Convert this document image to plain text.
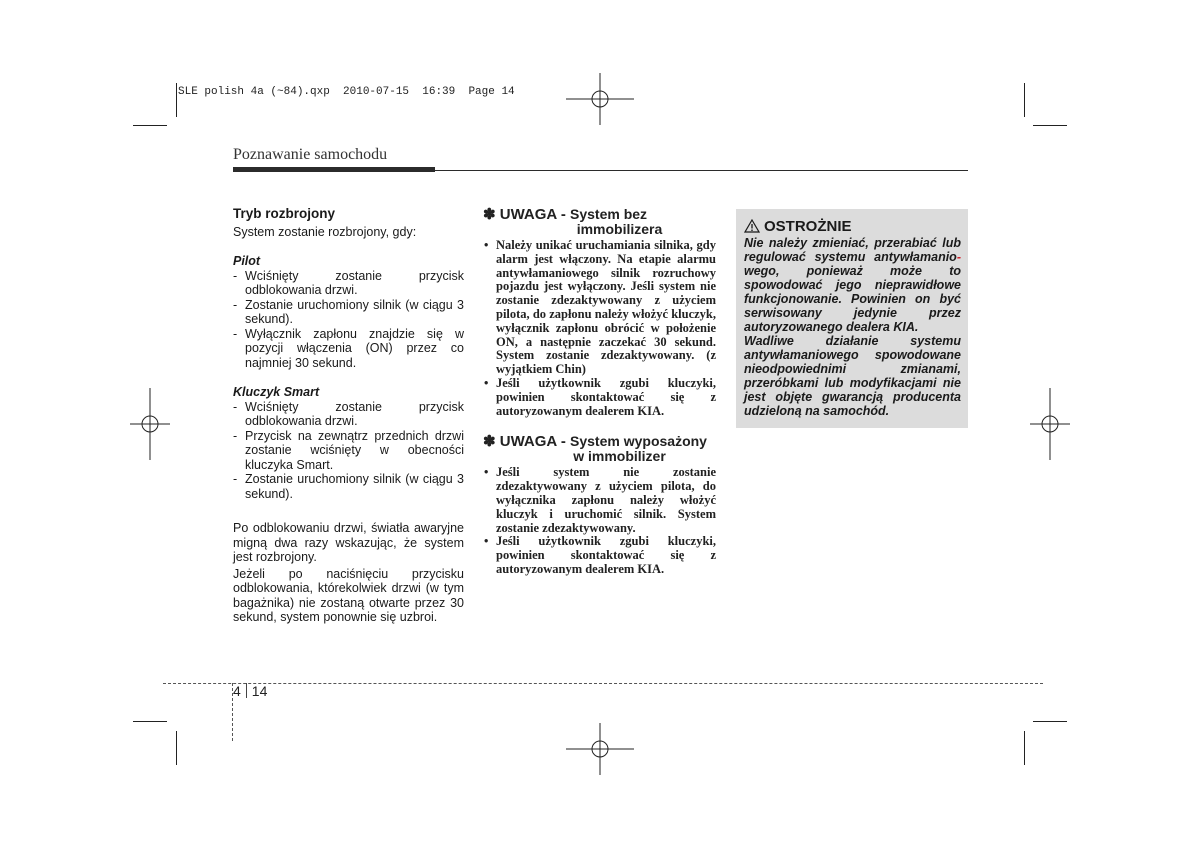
SLE polish 4a (~84).qxp  2010-07-15  16:39  Page 14
Poznawanie samochodu
Tryb rozbrojony

System zostanie rozbrojony, gdy:

Pilot
- Wciśnięty zostanie przycisk odblokowania drzwi.
- Zostanie uruchomiony silnik (w ciągu 3 sekund).
- Wyłącznik zapłonu znajdzie się w pozycji włączenia (ON) przez co najmniej 30 sekund.
Kluczyk Smart
- Wciśnięty zostanie przycisk odblokowania drzwi.
- Przycisk na zewnątrz przednich drzwi zostanie wciśnięty w obecności kluczyka Smart.
- Zostanie uruchomiony silnik (w ciągu 3 sekund).

Po odblokowaniu drzwi, światła awaryjne migną dwa razy wskazując, że system jest rozbrojony.

Jeżeli po naciśnięciu przycisku odblokowania, którekolwiek drzwi (w tym bagażnika) nie zostaną otwarte przez 30 sekund, system ponownie się uzbroi.

✽ UWAGA - System bez
immobilizera
• Należy unikać uruchamiania silnika, gdy alarm jest włączony. Na etapie alarmu antywłamaniowego silnik rozruchowy pojazdu jest wyłączony. Jeśli system nie zostanie zdezaktywowany z użyciem pilota, do zapłonu należy włożyć kluczyk, wyłącznik zapłonu obrócić w położenie ON, a następnie zaczekać 30 sekund. System zostanie zdezaktywowany. (z wyjątkiem Chin)
• Jeśli użytkownik zgubi kluczyki, powinien skontaktować się z autoryzowanym dealerem KIA.
✽ UWAGA - System wyposażony
w immobilizer
• Jeśli system nie zostanie zdezaktywowany z użyciem pilota, do wyłącznika zapłonu należy włożyć kluczyk i uruchomić silnik. System zostanie zdezaktywowany.
• Jeśli użytkownik zgubi kluczyki, powinien skontaktować się z autoryzowanym dealerem KIA.
OSTROŻNIE
Nie należy zmieniać, przerabiać lub regulować systemu antywłamanio-wego, ponieważ może to spowodować jego nieprawidłowe funkcjonowanie. Powinien on być serwisowany jedynie przez autoryzowanego dealera KIA.
Wadliwe działanie systemu antywłamaniowego spowodowane nieodpowiednimi zmianami, przeróbkami lub modyfikacjami nie jest objęte gwarancją producenta udzieloną na samochód.
4 14
